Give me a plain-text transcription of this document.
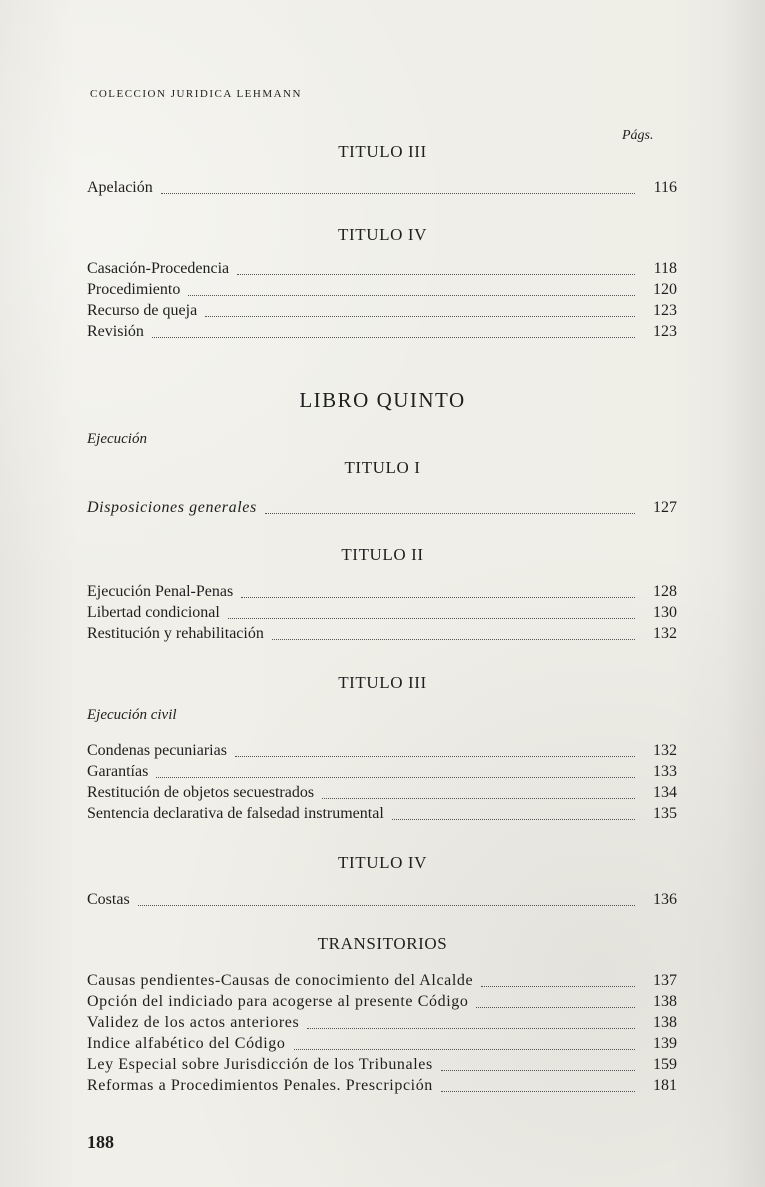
COLECCION JURIDICA LEHMANN
Págs.
TITULO III
Apelación	116
TITULO IV
Casación-Procedencia	118
Procedimiento	120
Recurso de queja	123
Revisión	123
LIBRO QUINTO
Ejecución
TITULO I
Disposiciones generales	127
TITULO II
Ejecución Penal-Penas	128
Libertad condicional	130
Restitución y rehabilitación	132
TITULO III
Ejecución civil
Condenas pecuniarias	132
Garantías	133
Restitución de objetos secuestrados	134
Sentencia declarativa de falsedad instrumental	135
TITULO IV
Costas	136
TRANSITORIOS
Causas pendientes-Causas de conocimiento del Alcalde	137
Opción del indiciado para acogerse al presente Código	138
Validez de los actos anteriores	138
Indice alfabético del Código	139
Ley Especial sobre Jurisdicción de los Tribunales	159
Reformas a Procedimientos Penales. Prescripción	181
188
